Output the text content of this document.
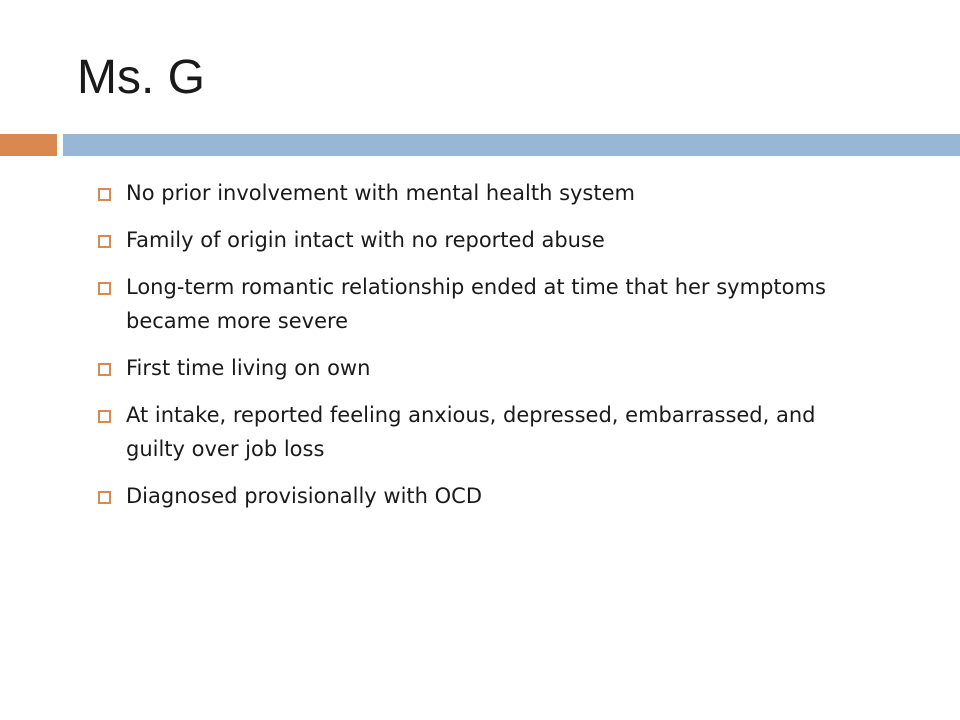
Ms. G
No prior involvement with mental health system
Family of origin intact with no reported abuse
Long-term romantic relationship ended at time that her symptoms became more severe
First time living on own
At intake, reported feeling anxious, depressed, embarrassed, and guilty over job loss
Diagnosed provisionally with OCD
